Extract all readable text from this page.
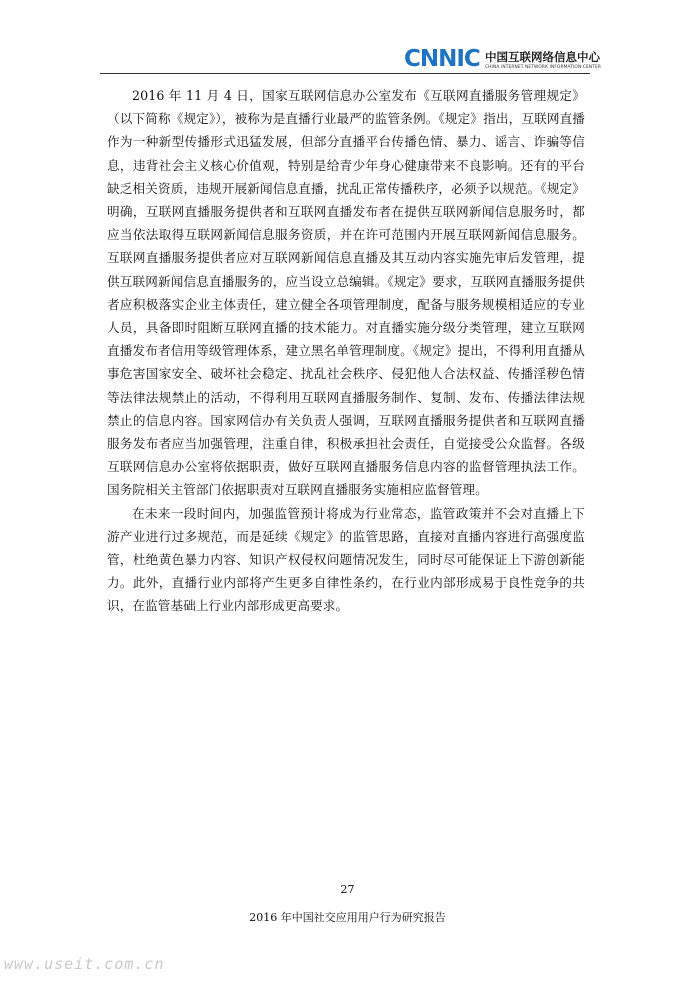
CNNIC 中国互联网络信息中心
CHINA INTERNET NETWORK INFORMATION CENTER

2016 年 11 月 4 日，国家互联网信息办公室发布《互联网直播服务管理规定》（以下简称《规定》），被称为是直播行业最严的监管条例。《规定》指出，互联网直播作为一种新型传播形式迅猛发展，但部分直播平台传播色情、暴力、谣言、诈骗等信息，违背社会主义核心价值观，特别是给青少年身心健康带来不良影响。还有的平台缺乏相关资质，违规开展新闻信息直播，扰乱正常传播秩序，必须予以规范。《规定》明确，互联网直播服务提供者和互联网直播发布者在提供互联网新闻信息服务时，都应当依法取得互联网新闻信息服务资质，并在许可范围内开展互联网新闻信息服务。互联网直播服务提供者应对互联网新闻信息直播及其互动内容实施先审后发管理，提供互联网新闻信息直播服务的，应当设立总编辑。《规定》要求，互联网直播服务提供者应积极落实企业主体责任，建立健全各项管理制度，配备与服务规模相适应的专业人员，具备即时阻断互联网直播的技术能力。对直播实施分级分类管理，建立互联网直播发布者信用等级管理体系，建立黑名单管理制度。《规定》提出，不得利用直播从事危害国家安全、破坏社会稳定、扰乱社会秩序、侵犯他人合法权益、传播淫秽色情等法律法规禁止的活动，不得利用互联网直播服务制作、复制、发布、传播法律法规禁止的信息内容。国家网信办有关负责人强调，互联网直播服务提供者和互联网直播服务发布者应当加强管理，注重自律，积极承担社会责任，自觉接受公众监督。各级互联网信息办公室将依据职责，做好互联网直播服务信息内容的监督管理执法工作。国务院相关主管部门依据职责对互联网直播服务实施相应监督管理。

在未来一段时间内，加强监管预计将成为行业常态，监管政策并不会对直播上下游产业进行过多规范，而是延续《规定》的监管思路，直接对直播内容进行高强度监管，杜绝黄色暴力内容、知识产权侵权问题情况发生，同时尽可能保证上下游创新能力。此外，直播行业内部将产生更多自律性条约，在行业内部形成易于良性竞争的共识，在监管基础上行业内部形成更高要求。

27
2016 年中国社交应用用户行为研究报告
www.useit.com.cn
